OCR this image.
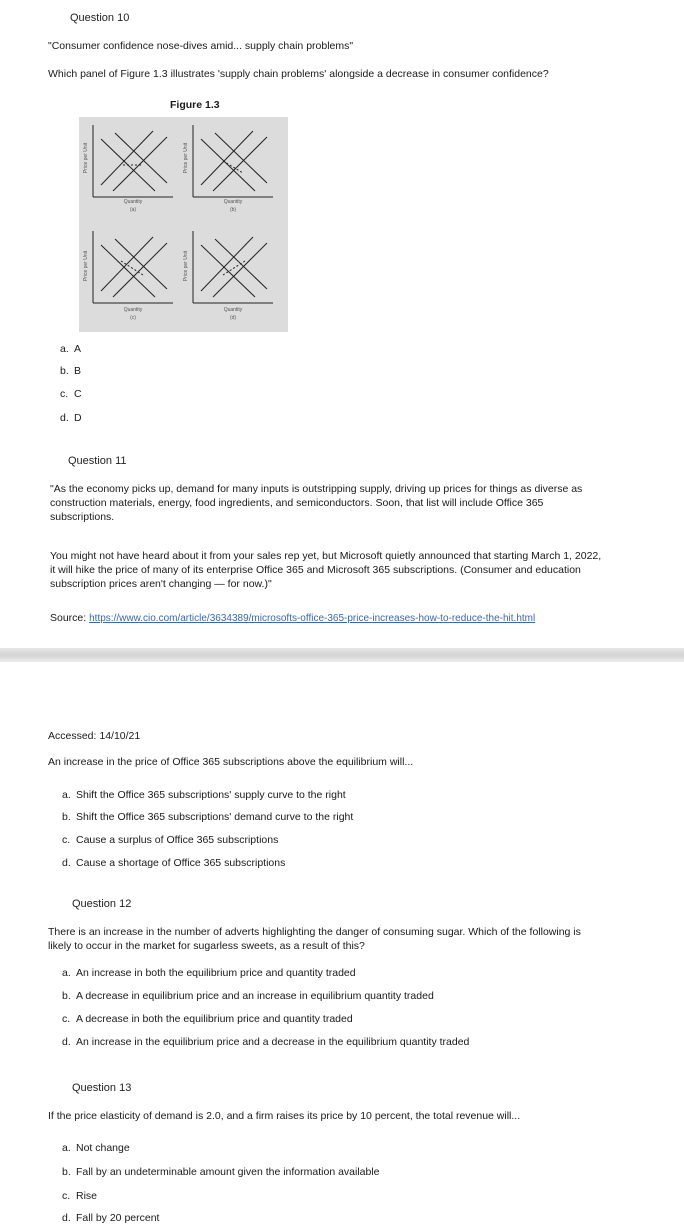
Question 10
"Consumer confidence nose-dives amid... supply chain problems"
Which panel of Figure 1.3 illustrates 'supply chain problems' alongside a decrease in consumer confidence?
Figure 1.3
Quantity
(a)
Quantity
(b)
Quantity
(c)
Quantity
(d)
Price per Unit	Price per Unit
Price per Unit	Price per Unit
a. A
b. B
c. C
d. D
Question 11
"As the economy picks up, demand for many inputs is outstripping supply, driving up prices for things as diverse as
construction materials, energy, food ingredients, and semiconductors. Soon, that list will include Office 365
subscriptions.
You might not have heard about it from your sales rep yet, but Microsoft quietly announced that starting March 1, 2022,
it will hike the price of many of its enterprise Office 365 and Microsoft 365 subscriptions. (Consumer and education
subscription prices aren't changing — for now.)"
Source: https://www.cio.com/article/3634389/microsofts-office-365-price-increases-how-to-reduce-the-hit.html
Accessed: 14/10/21
An increase in the price of Office 365 subscriptions above the equilibrium will...
a. Shift the Office 365 subscriptions' supply curve to the right
b. Shift the Office 365 subscriptions' demand curve to the right
c. Cause a surplus of Office 365 subscriptions
d. Cause a shortage of Office 365 subscriptions
Question 12
There is an increase in the number of adverts highlighting the danger of consuming sugar. Which of the following is
likely to occur in the market for sugarless sweets, as a result of this?
a. An increase in both the equilibrium price and quantity traded
b. A decrease in equilibrium price and an increase in equilibrium quantity traded
c. A decrease in both the equilibrium price and quantity traded
d. An increase in the equilibrium price and a decrease in the equilibrium quantity traded
Question 13
If the price elasticity of demand is 2.0, and a firm raises its price by 10 percent, the total revenue will...
a. Not change
b. Fall by an undeterminable amount given the information available
c. Rise
d. Fall by 20 percent
